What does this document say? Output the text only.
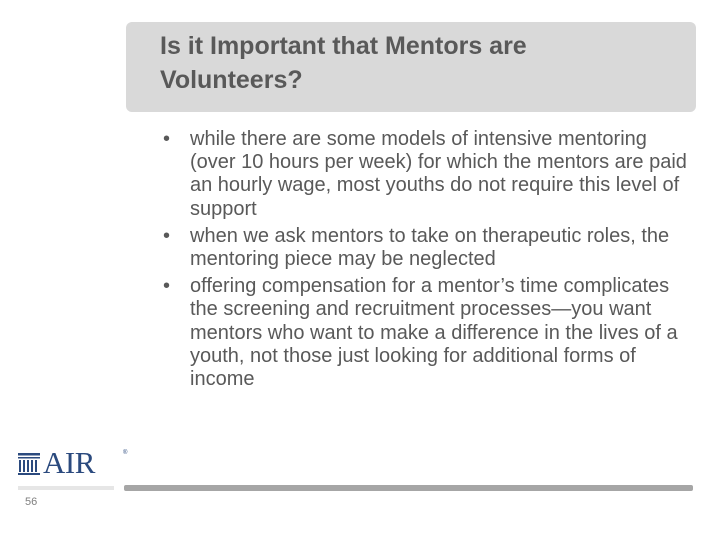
Is it Important that Mentors are Volunteers?
• while there are some models of intensive mentoring (over 10 hours per week) for which the mentors are paid an hourly wage, most youths do not require this level of support
• when we ask mentors to take on therapeutic roles, the mentoring piece may be neglected
• offering compensation for a mentor’s time complicates the screening and recruitment processes—you want mentors who want to make a difference in the lives of a youth, not those just looking for additional forms of income
AIR	®
56
